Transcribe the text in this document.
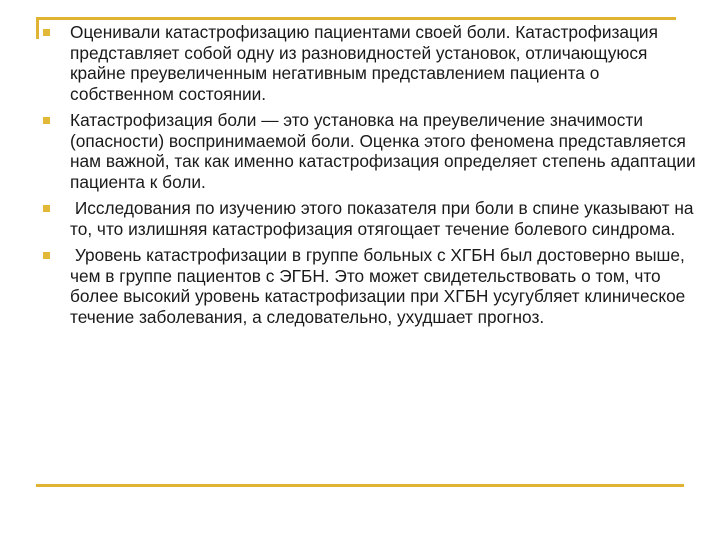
Оценивали катастрофизацию пациентами своей боли. Катастрофизация представляет собой одну из разновидностей установок, отличающуюся крайне преувеличенным негативным представлением пациента о собственном состоянии.
Катастрофизация боли — это установка на преувеличение значимости (опасности) воспринимаемой боли. Оценка этого феномена представляется нам важной, так как именно катастрофизация определяет степень адаптации пациента к боли.
Исследования по изучению этого показателя при боли в спине указывают на то, что излишняя катастрофизация отягощает течение болевого синдрома.
Уровень катастрофизации в группе больных с ХГБН был достоверно выше, чем в группе пациентов с ЭГБН. Это может свидетельствовать о том, что более высокий уровень катастрофизации при ХГБН усугубляет клиническое течение заболевания, а следовательно, ухудшает прогноз.
